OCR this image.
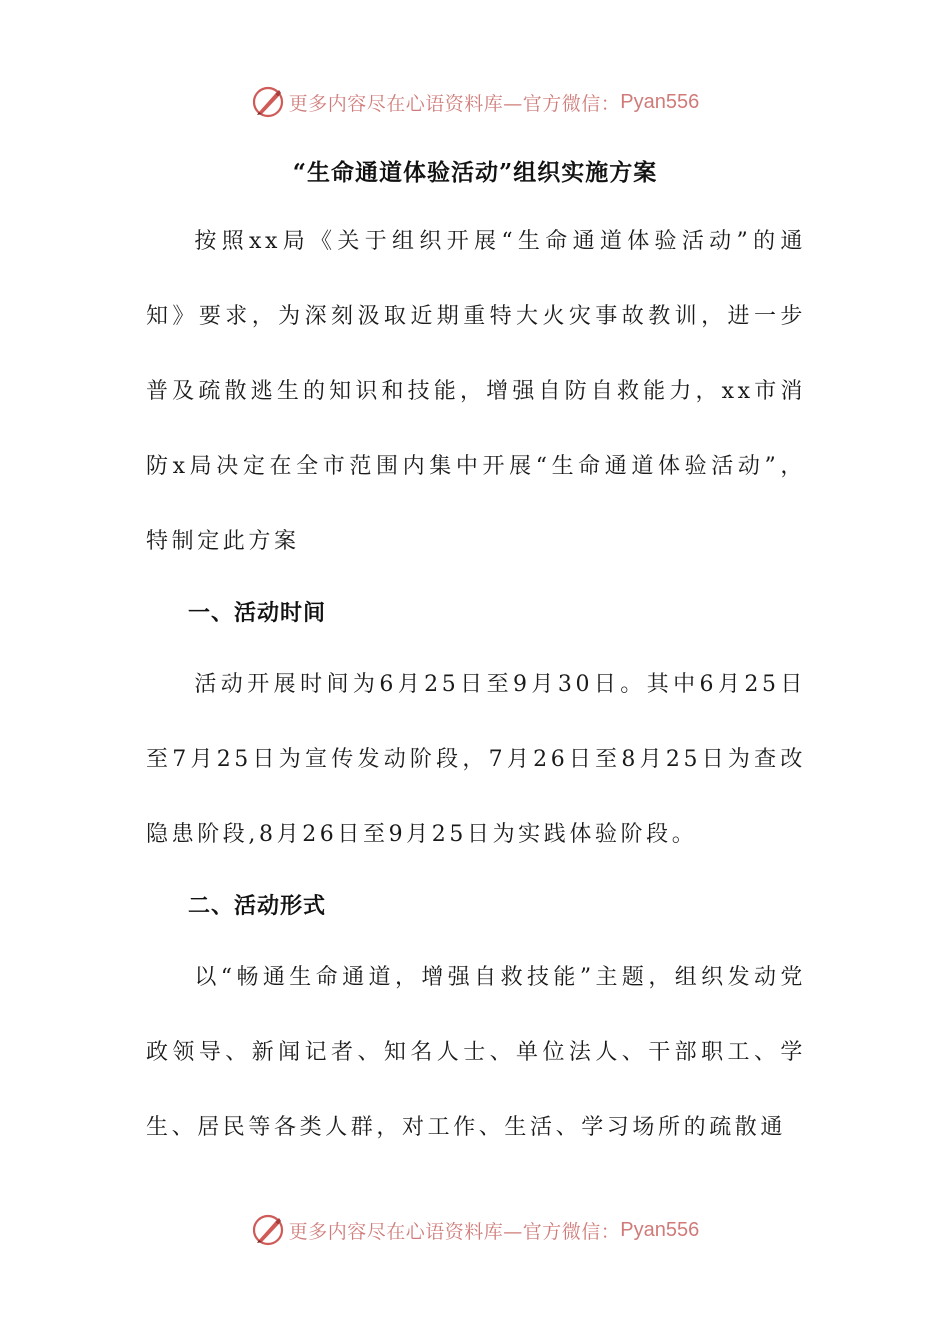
更多内容尽在心语资料库—官方微信： Pyan556
“生命通道体验活动”组织实施方案

按照xx局《关于组织开展“生命通道体验活动”的通知》要求，为深刻汲取近期重特大火灾事故教训，进一步普及疏散逃生的知识和技能，增强自防自救能力，xx市消防x局决定在全市范围内集中开展“生命通道体验活动”，特制定此方案

一、活动时间

活动开展时间为6月25日至9月30日。其中6月25日至7月25日为宣传发动阶段，7月26日至8月25日为查改隐患阶段,8月26日至9月25日为实践体验阶段。

二、活动形式

以“畅通生命通道，增强自救技能”主题，组织发动党政领导、新闻记者、知名人士、单位法人、干部职工、学生、居民等各类人群，对工作、生活、学习场所的疏散通

更多内容尽在心语资料库—官方微信： Pyan556
